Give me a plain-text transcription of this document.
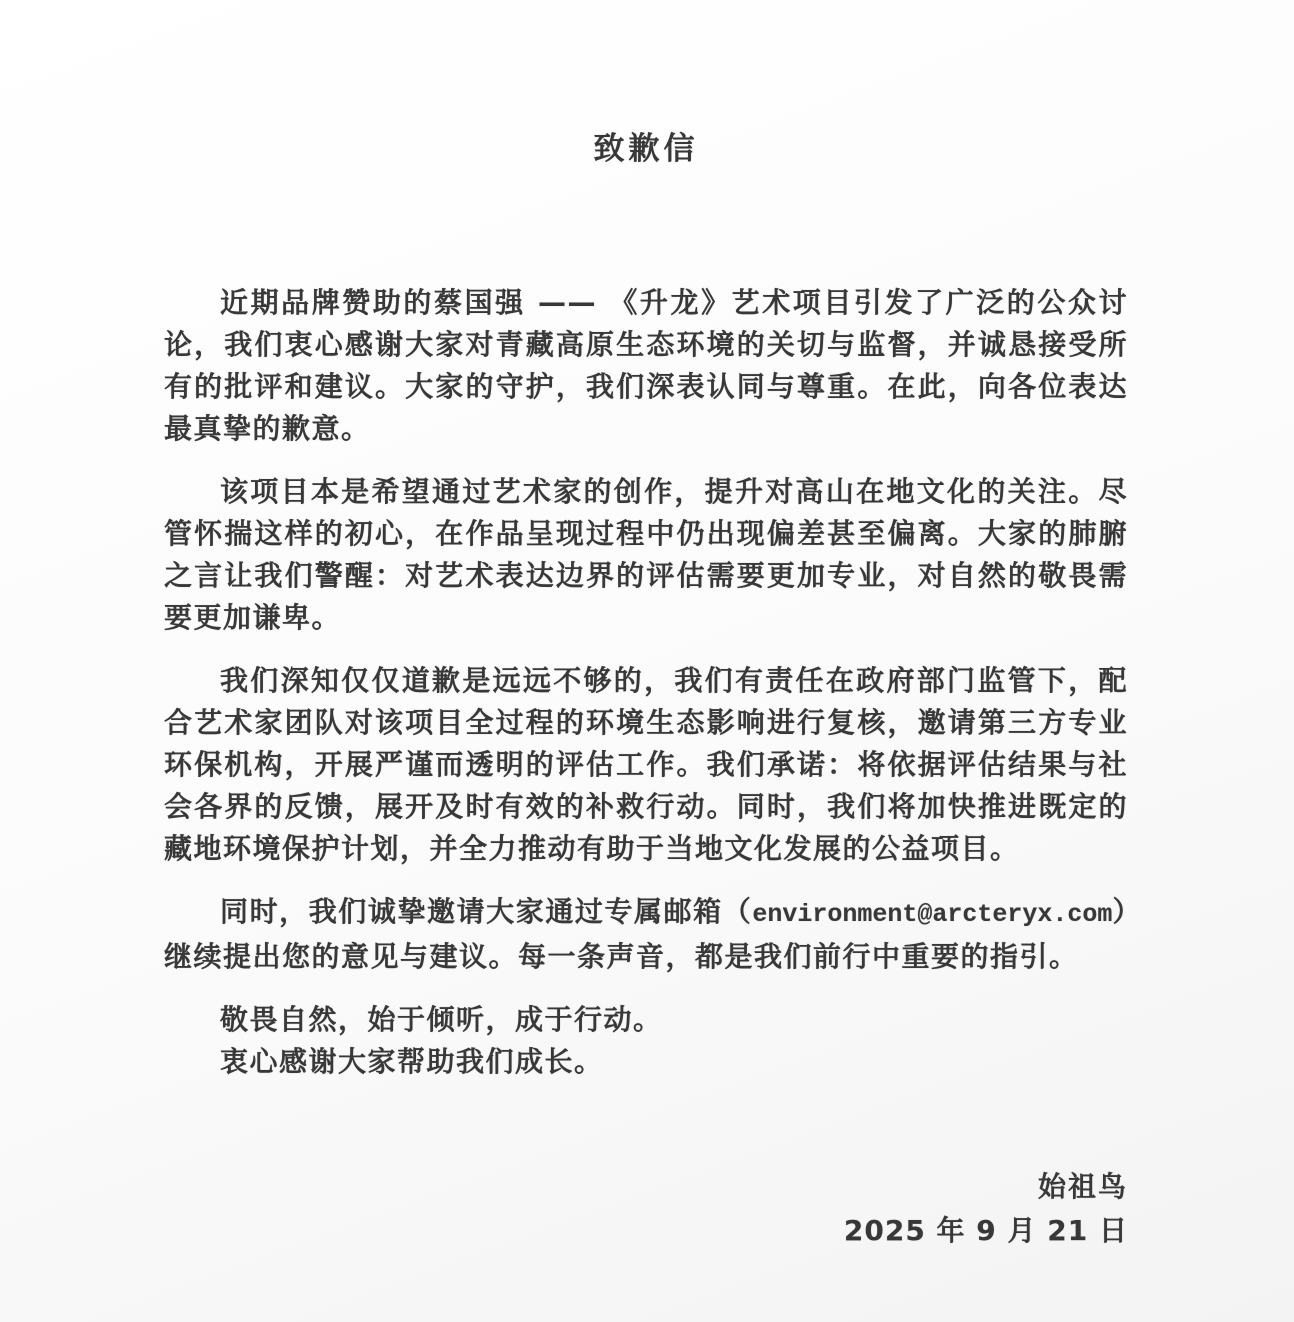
致歉信

近期品牌赞助的蔡国强 —— 《升龙》艺术项目引发了广泛的公众讨论，我们衷心感谢大家对青藏高原生态环境的关切与监督，并诚恳接受所有的批评和建议。大家的守护，我们深表认同与尊重。在此，向各位表达最真挚的歉意。

该项目本是希望通过艺术家的创作，提升对高山在地文化的关注。尽管怀揣这样的初心，在作品呈现过程中仍出现偏差甚至偏离。大家的肺腑之言让我们警醒：对艺术表达边界的评估需要更加专业，对自然的敬畏需要更加谦卑。

我们深知仅仅道歉是远远不够的，我们有责任在政府部门监管下，配合艺术家团队对该项目全过程的环境生态影响进行复核，邀请第三方专业环保机构，开展严谨而透明的评估工作。我们承诺：将依据评估结果与社会各界的反馈，展开及时有效的补救行动。同时，我们将加快推进既定的藏地环境保护计划，并全力推动有助于当地文化发展的公益项目。

同时，我们诚挚邀请大家通过专属邮箱（environment@arcteryx.com）继续提出您的意见与建议。每一条声音，都是我们前行中重要的指引。

敬畏自然，始于倾听，成于行动。

衷心感谢大家帮助我们成长。

始祖鸟
2025 年 9 月 21 日
